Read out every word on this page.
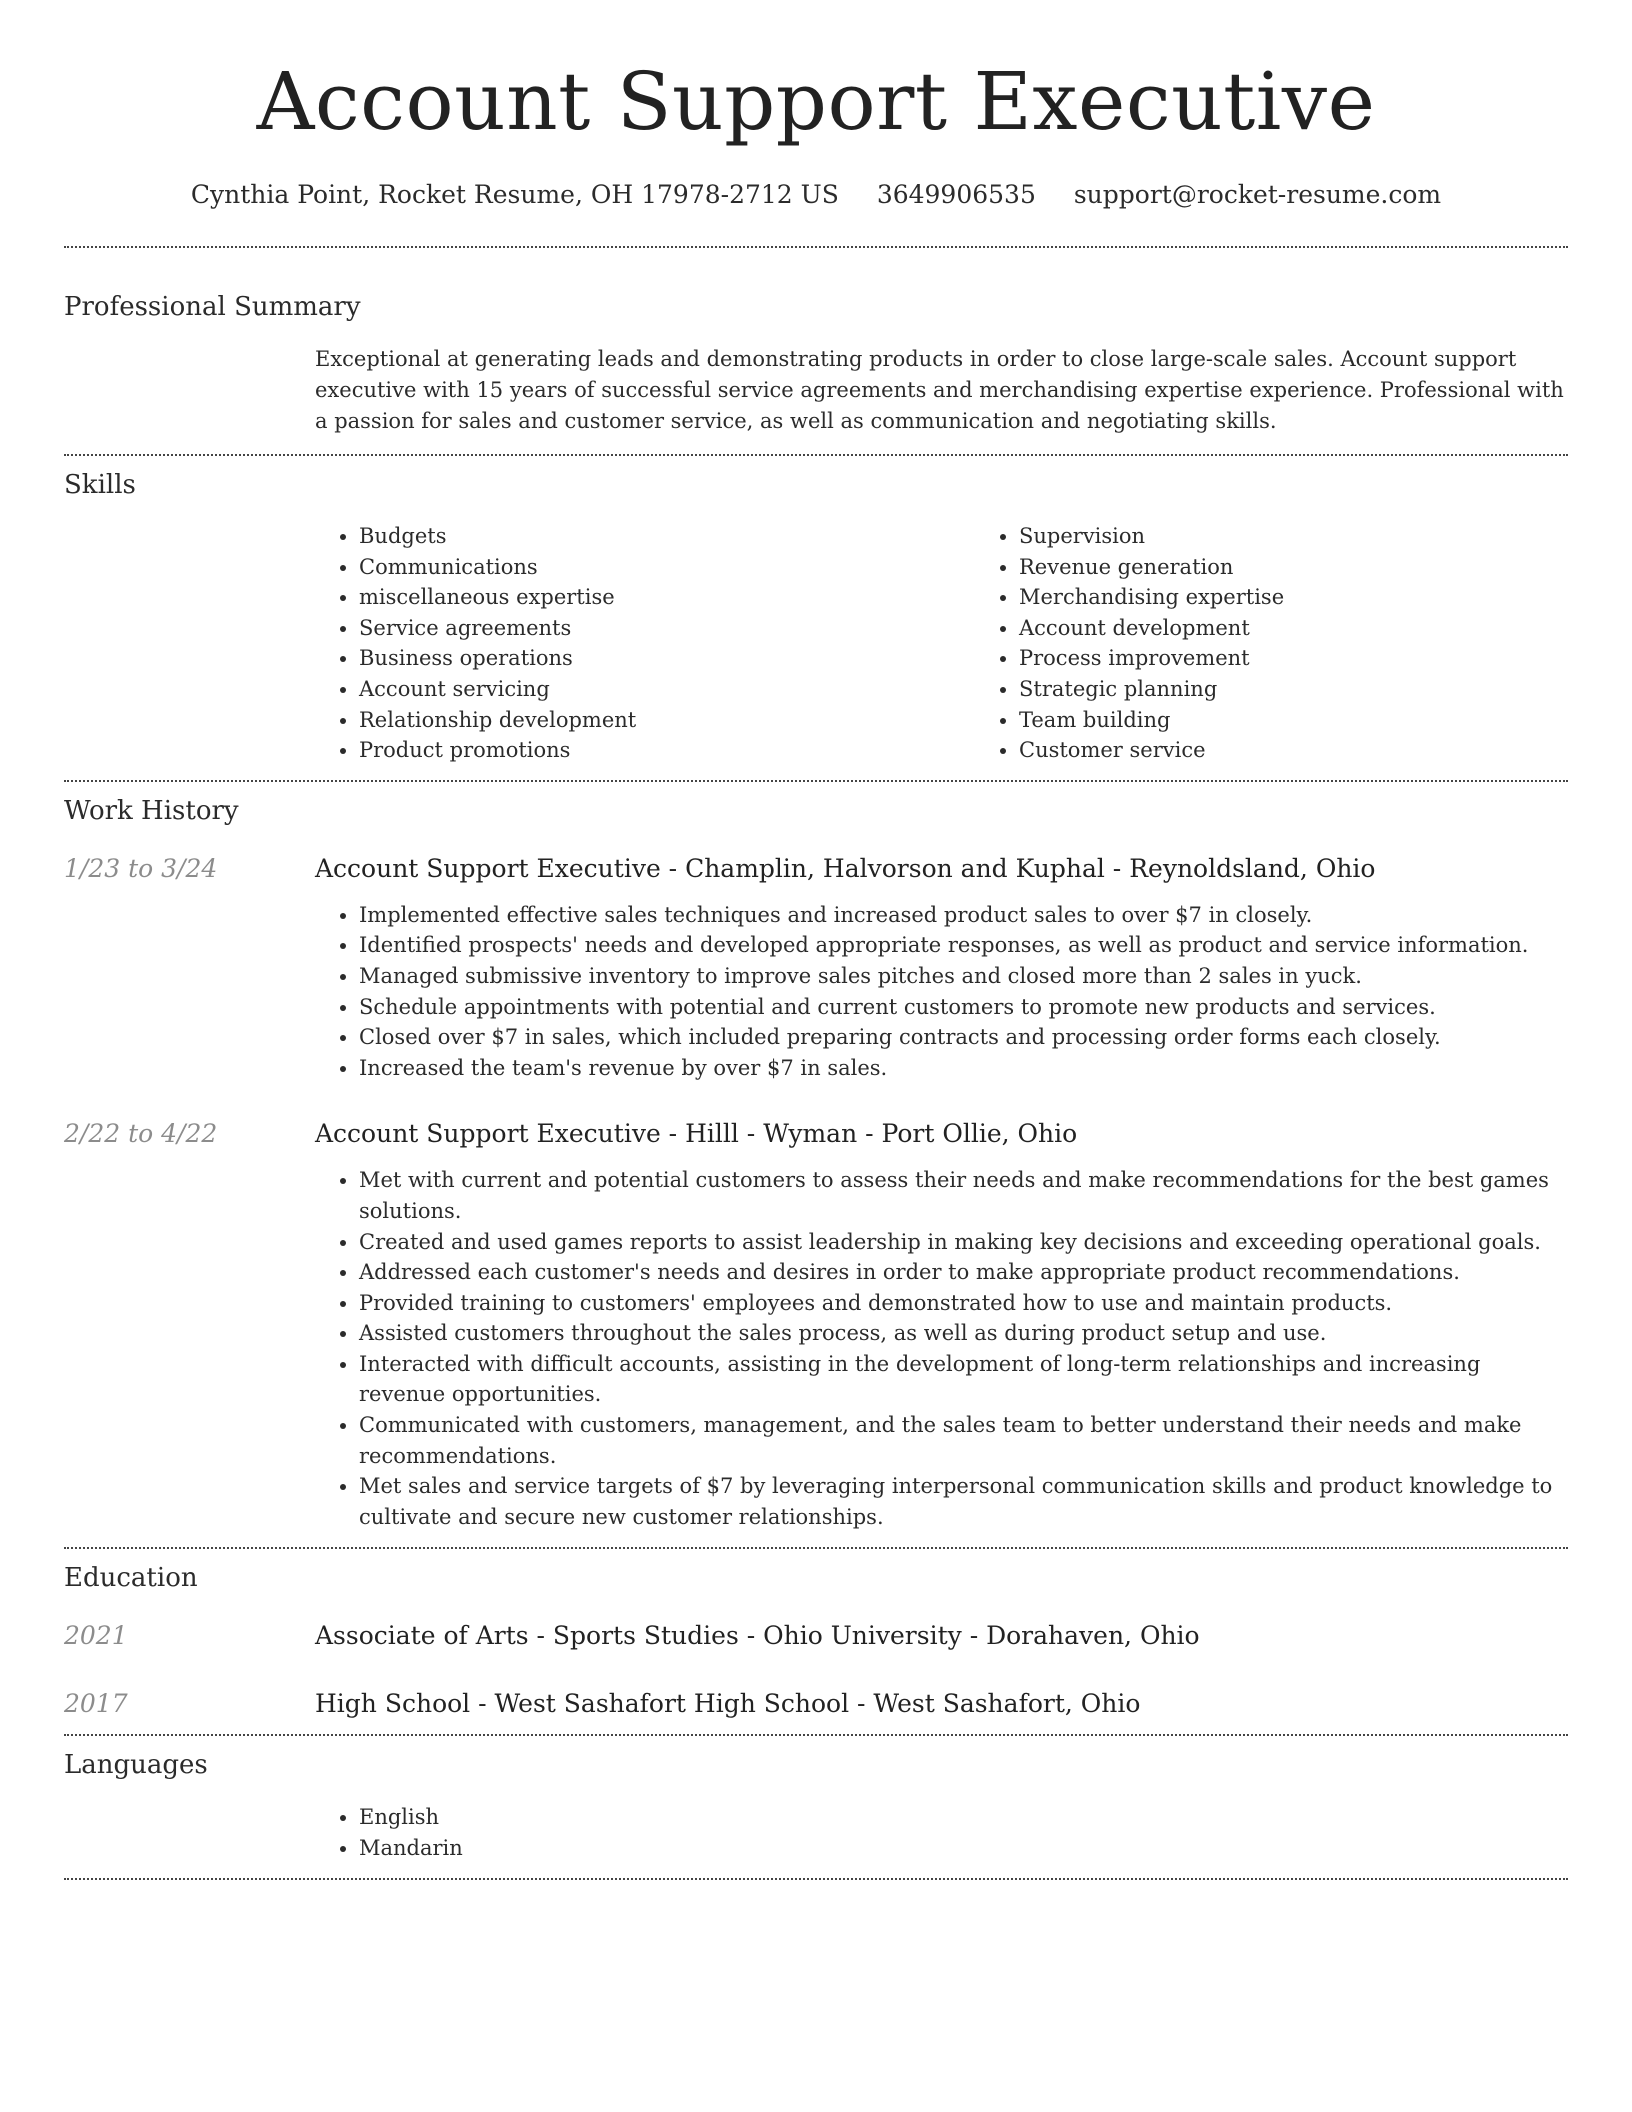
Account Support Executive
Cynthia Point, Rocket Resume, OH 17978-2712 US 3649906535 support@rocket-resume.com
Professional Summary
Exceptional at generating leads and demonstrating products in order to close large-scale sales. Account support executive with 15 years of successful service agreements and merchandising expertise experience. Professional with a passion for sales and customer service, as well as communication and negotiating skills.
Skills
• Budgets
• Communications
• miscellaneous expertise
• Service agreements
• Business operations
• Account servicing
• Relationship development
• Product promotions
• Supervision
• Revenue generation
• Merchandising expertise
• Account development
• Process improvement
• Strategic planning
• Team building
• Customer service
Work History
1/23 to 3/24	Account Support Executive - Champlin, Halvorson and Kuphal - Reynoldsland, Ohio
• Implemented effective sales techniques and increased product sales to over $7 in closely.
• Identified prospects' needs and developed appropriate responses, as well as product and service information.
• Managed submissive inventory to improve sales pitches and closed more than 2 sales in yuck.
• Schedule appointments with potential and current customers to promote new products and services.
• Closed over $7 in sales, which included preparing contracts and processing order forms each closely.
• Increased the team's revenue by over $7 in sales.
2/22 to 4/22	Account Support Executive - Hilll - Wyman - Port Ollie, Ohio
• Met with current and potential customers to assess their needs and make recommendations for the best games solutions.
• Created and used games reports to assist leadership in making key decisions and exceeding operational goals.
• Addressed each customer's needs and desires in order to make appropriate product recommendations.
• Provided training to customers' employees and demonstrated how to use and maintain products.
• Assisted customers throughout the sales process, as well as during product setup and use.
• Interacted with difficult accounts, assisting in the development of long-term relationships and increasing revenue opportunities.
• Communicated with customers, management, and the sales team to better understand their needs and make recommendations.
• Met sales and service targets of $7 by leveraging interpersonal communication skills and product knowledge to cultivate and secure new customer relationships.
Education
2021	Associate of Arts - Sports Studies - Ohio University - Dorahaven, Ohio
2017	High School - West Sashafort High School - West Sashafort, Ohio
Languages
• English
• Mandarin
